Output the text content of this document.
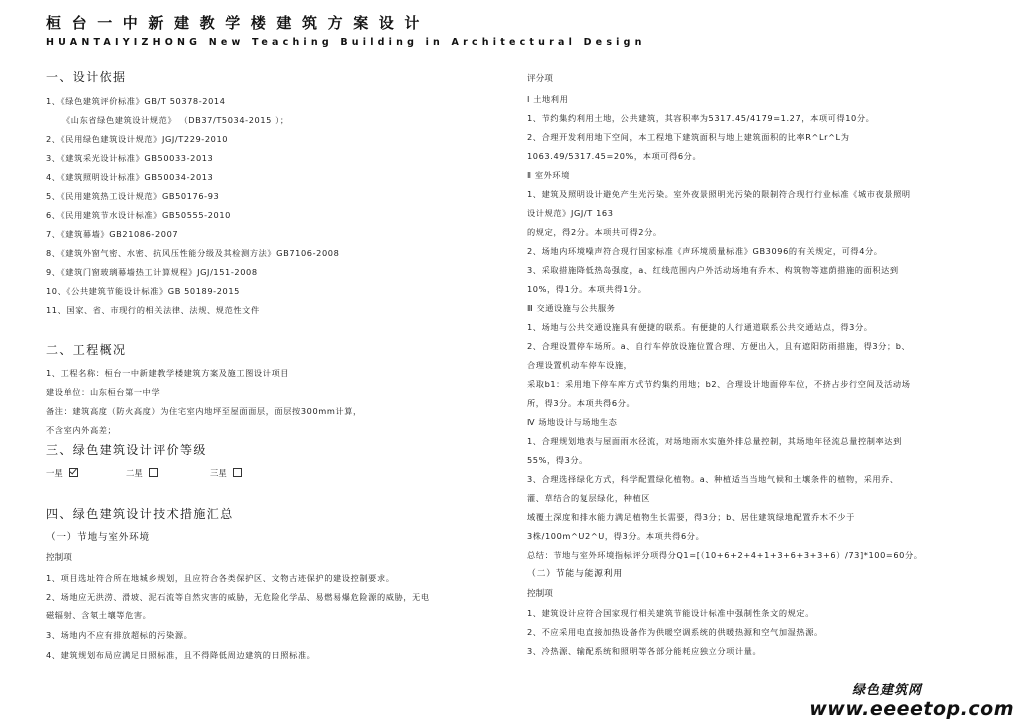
桓台一中新建教学楼建筑方案设计
HUANTAIYIZHONG New Teaching Building in Architectural Design
一、设计依据
1、《绿色建筑评价标准》GB/T 50378-2014
《山东省绿色建筑设计规范》 （DB37/T5034-2015 ）；
2、《民用绿色建筑设计规范》JGJ/T229-2010
3、《建筑采光设计标准》GB50033-2013
4、《建筑照明设计标准》GB50034-2013
5、《民用建筑热工设计规范》GB50176-93
6、《民用建筑节水设计标准》GB50555-2010
7、《建筑幕墙》GB21086-2007
8、《建筑外窗气密、水密、抗风压性能分级及其检测方法》GB7106-2008
9、《建筑门窗玻璃幕墙热工计算规程》JGJ/151-2008
10、《公共建筑节能设计标准》GB 50189-2015
11、国家、省、市现行的相关法律、法规、规范性文件
二、工程概况
1、工程名称：桓台一中新建教学楼建筑方案及施工图设计项目
建设单位：山东桓台第一中学
备注：建筑高度（防火高度）为住宅室内地坪至屋面面层，面层按300mm计算，
不含室内外高差；
三、绿色建筑设计评价等级
一星	二星	三星
四、绿色建筑设计技术措施汇总
（一）节地与室外环境
控制项
1、项目选址符合所在地城乡规划，且应符合各类保护区、文物古迹保护的建设控制要求。
2、场地应无洪涝、滑坡、泥石流等自然灾害的威胁，无危险化学品、易燃易爆危险源的威胁，无电
磁辐射、含氡土壤等危害。
3、场地内不应有排放超标的污染源。
4、建筑规划布局应满足日照标准，且不得降低周边建筑的日照标准。
评分项
Ⅰ 土地利用
1、节约集约利用土地，公共建筑，其容积率为5317.45/4179=1.27，本项可得10分。
2、合理开发利用地下空间，本工程地下建筑面积与地上建筑面积的比率R^Lr^L为
1063.49/5317.45=20%，本项可得6分。
Ⅱ 室外环境
1、建筑及照明设计避免产生光污染。室外夜景照明光污染的限制符合现行行业标准《城市夜景照明
设计规范》JGJ/T 163
的规定，得2分。本项共可得2分。
2、场地内环境噪声符合现行国家标准《声环境质量标准》GB3096的有关规定，可得4分。
3、采取措施降低热岛强度，a、红线范围内户外活动场地有乔木、构筑物等遮荫措施的面积达到
10%，得1分。本项共得1分。
Ⅲ 交通设施与公共服务
1、场地与公共交通设施具有便捷的联系。有便捷的人行通道联系公共交通站点，得3分。
2、合理设置停车场所。a、自行车停放设施位置合理、方便出入，且有遮阳防雨措施，得3分；b、
合理设置机动车停车设施，
采取b1：采用地下停车库方式节约集约用地；b2、合理设计地面停车位，不挤占步行空间及活动场
所，得3分。本项共得6分。
Ⅳ 场地设计与场地生态
1、合理规划地表与屋面雨水径流，对场地雨水实施外排总量控制，其场地年径流总量控制率达到
55%，得3分。
3、合理选择绿化方式，科学配置绿化植物。a、种植适当当地气候和土壤条件的植物，采用乔、
灌、草结合的复层绿化，种植区
域覆土深度和排水能力满足植物生长需要，得3分；b、居住建筑绿地配置乔木不少于
3株/100m^U2^U，得3分。本项共得6分。
总结：节地与室外环境指标评分项得分Q1=[（10+6+2+4+1+3+6+3+3+6）/73]*100=60分。
（二）节能与能源利用
控制项
1、建筑设计应符合国家现行相关建筑节能设计标准中强制性条文的规定。
2、不应采用电直接加热设备作为供暖空调系统的供暖热源和空气加湿热源。
3、冷热源、输配系统和照明等各部分能耗应独立分项计量。
绿色建筑网
www.eeeetop.com
